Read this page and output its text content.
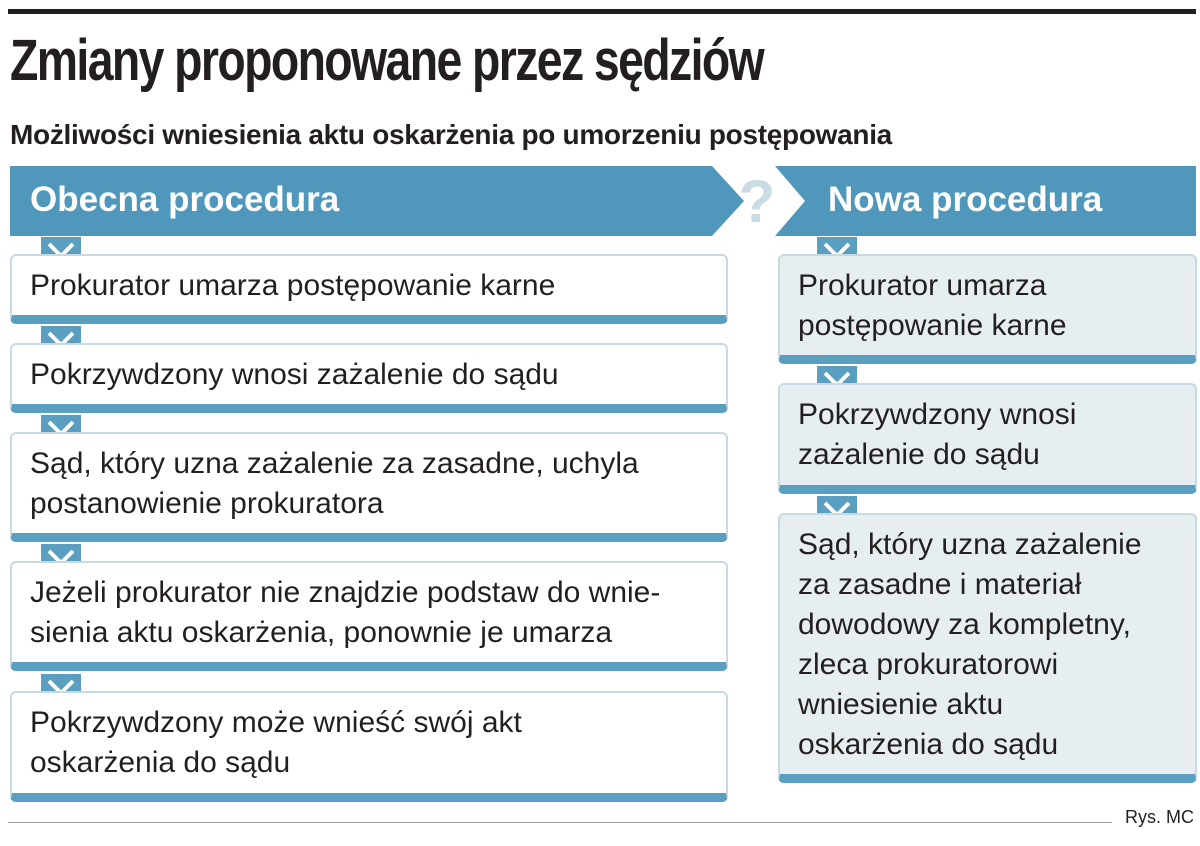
Zmiany proponowane przez sędziów
Możliwości wniesienia aktu oskarżenia po umorzeniu postępowania
?
Obecna procedura	Nowa procedura
Prokurator umarza postępowanie karne
Pokrzywdzony wnosi zażalenie do sądu
Sąd, który uzna zażalenie za zasadne, uchyla
postanowienie prokuratora
Jeżeli prokurator nie znajdzie podstaw do wnie-
sienia aktu oskarżenia, ponownie je umarza
Pokrzywdzony może wnieść swój akt
oskarżenia do sądu
Prokurator umarza
postępowanie karne
Pokrzywdzony wnosi
zażalenie do sądu
Sąd, który uzna zażalenie
za zasadne i materiał
dowodowy za kompletny,
zleca prokuratorowi
wniesienie aktu
oskarżenia do sądu
Rys. MC
